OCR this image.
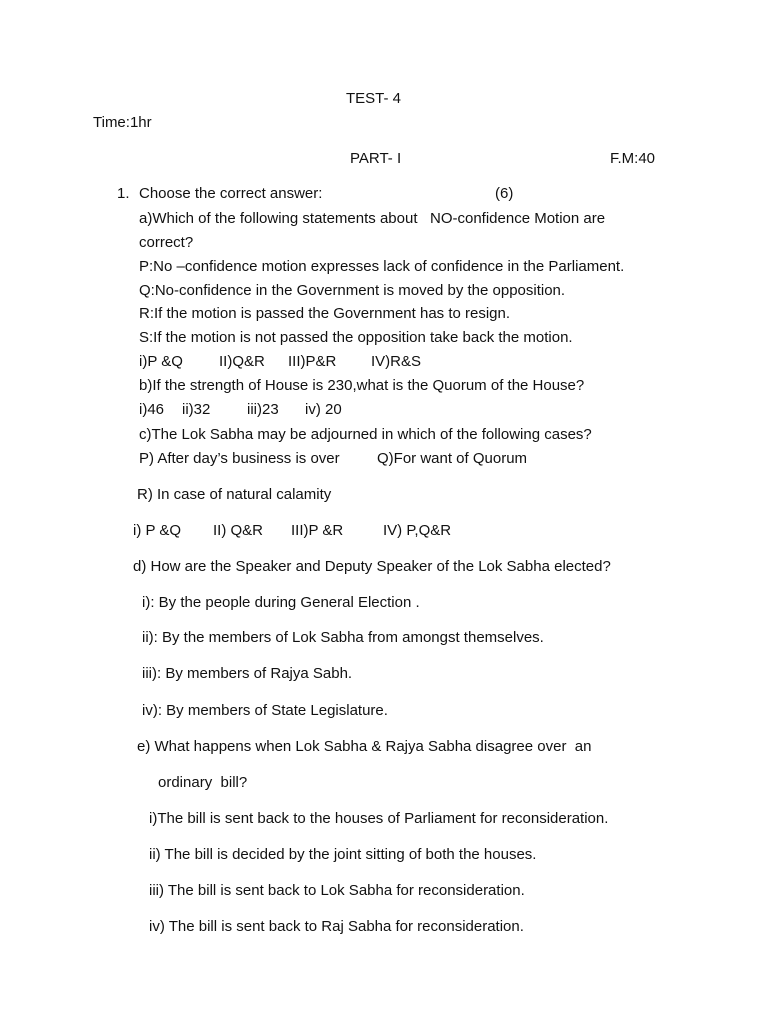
TEST- 4
Time:1hr
PART- I	F.M:40
1. Choose the correct answer:	(6)
a)Which of the following statements about   NO-confidence Motion are
correct?
P:No –confidence motion expresses lack of confidence in the Parliament.
Q:No-confidence in the Government is moved by the opposition.
R:If the motion is passed the Government has to resign.
S:If the motion is not passed the opposition take back the motion.
i)P &Q II)Q&R III)P&R IV)R&S
b)If the strength of House is 230,what is the Quorum of the House?
i)46 ii)32 iii)23 iv) 20
c)The Lok Sabha may be adjourned in which of the following cases?
P) After day’s business is over Q)For want of Quorum
R) In case of natural calamity
i) P &Q II) Q&R III)P &R	IV) P,Q&R
d) How are the Speaker and Deputy Speaker of the Lok Sabha elected?
i): By the people during General Election .
ii): By the members of Lok Sabha from amongst themselves.
iii): By members of Rajya Sabh.
iv): By members of State Legislature.
e) What happens when Lok Sabha & Rajya Sabha disagree over  an
ordinary  bill?
i)The bill is sent back to the houses of Parliament for reconsideration.
ii) The bill is decided by the joint sitting of both the houses.
iii) The bill is sent back to Lok Sabha for reconsideration.
iv) The bill is sent back to Raj Sabha for reconsideration.
